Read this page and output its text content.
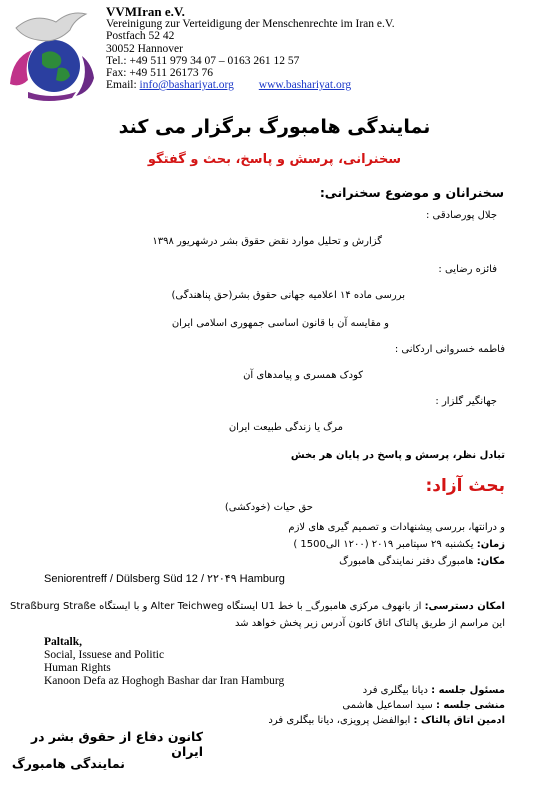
VVMIran e.V.
Vereinigung zur Verteidigung der Menschenrechte im Iran e.V.
Postfach 52 42
30052 Hannover
Tel.: +49 511 979 34 07 – 0163 261 12 57
Fax: +49 511 26173 76
Email: info@bashariyat.org www.bashariyat.org
نمایندگی هامبورگ برگزار می کند
سخنرانی، پرسش و پاسخ، بحث و گفتگو
سخنرانان و موضوع سخنرانی:
جلال پورصادقی :
گزارش و تحلیل موارد نقض حقوق بشر درشهریور ۱۳۹۸
فائزه رضایی :
بررسی ماده ۱۴ اعلامیه جهانی حقوق بشر(حق پناهندگی)
و مقایسه آن با قانون اساسی جمهوری اسلامی ایران
فاطمه خسروانی اردکانی :
کودک همسری و پیامدهای آن
جهانگیر گلزار :
مرگ یا زندگی طبیعت ایران
تبادل نظر، پرسش و پاسخ در پایان هر بخش
بحث آزاد:
حق حیات (خودکشی)
و درانتها، بررسی پیشنهادات و تصمیم گیری های لازم
زمان: یکشنبه ۲۹ سپتامبر ۲۰۱۹ (۱۲۰۰ الی1500 )
مکان: هامبورگ دفتر نمایندگی هامبورگ
Seniorentreff / Dülsberg Süd 12 / ۲۲۰۴۹ Hamburg
امکان دسترسی: از بانهوف مرکزی هامبورگ_ با خط U1 ایستگاه Alter Teichweg و با ایستگاه Straßburg Straße
این مراسم از طریق پالتاک اتاق کانون آدرس زیر پخش خواهد شد
Paltalk,
Social, Issuese and Politic
Human Rights
Kanoon Defa az Hoghogh Bashar dar Iran Hamburg
مسئول جلسه : دیانا بیگلری فرد
منشی جلسه : سید اسماعیل هاشمی
ادمین اتاق پالتاک : ابوالفضل پرویزی، دیانا بیگلری فرد
کانون دفاع از حقوق بشر در ایران
نمایندگی هامبورگ
